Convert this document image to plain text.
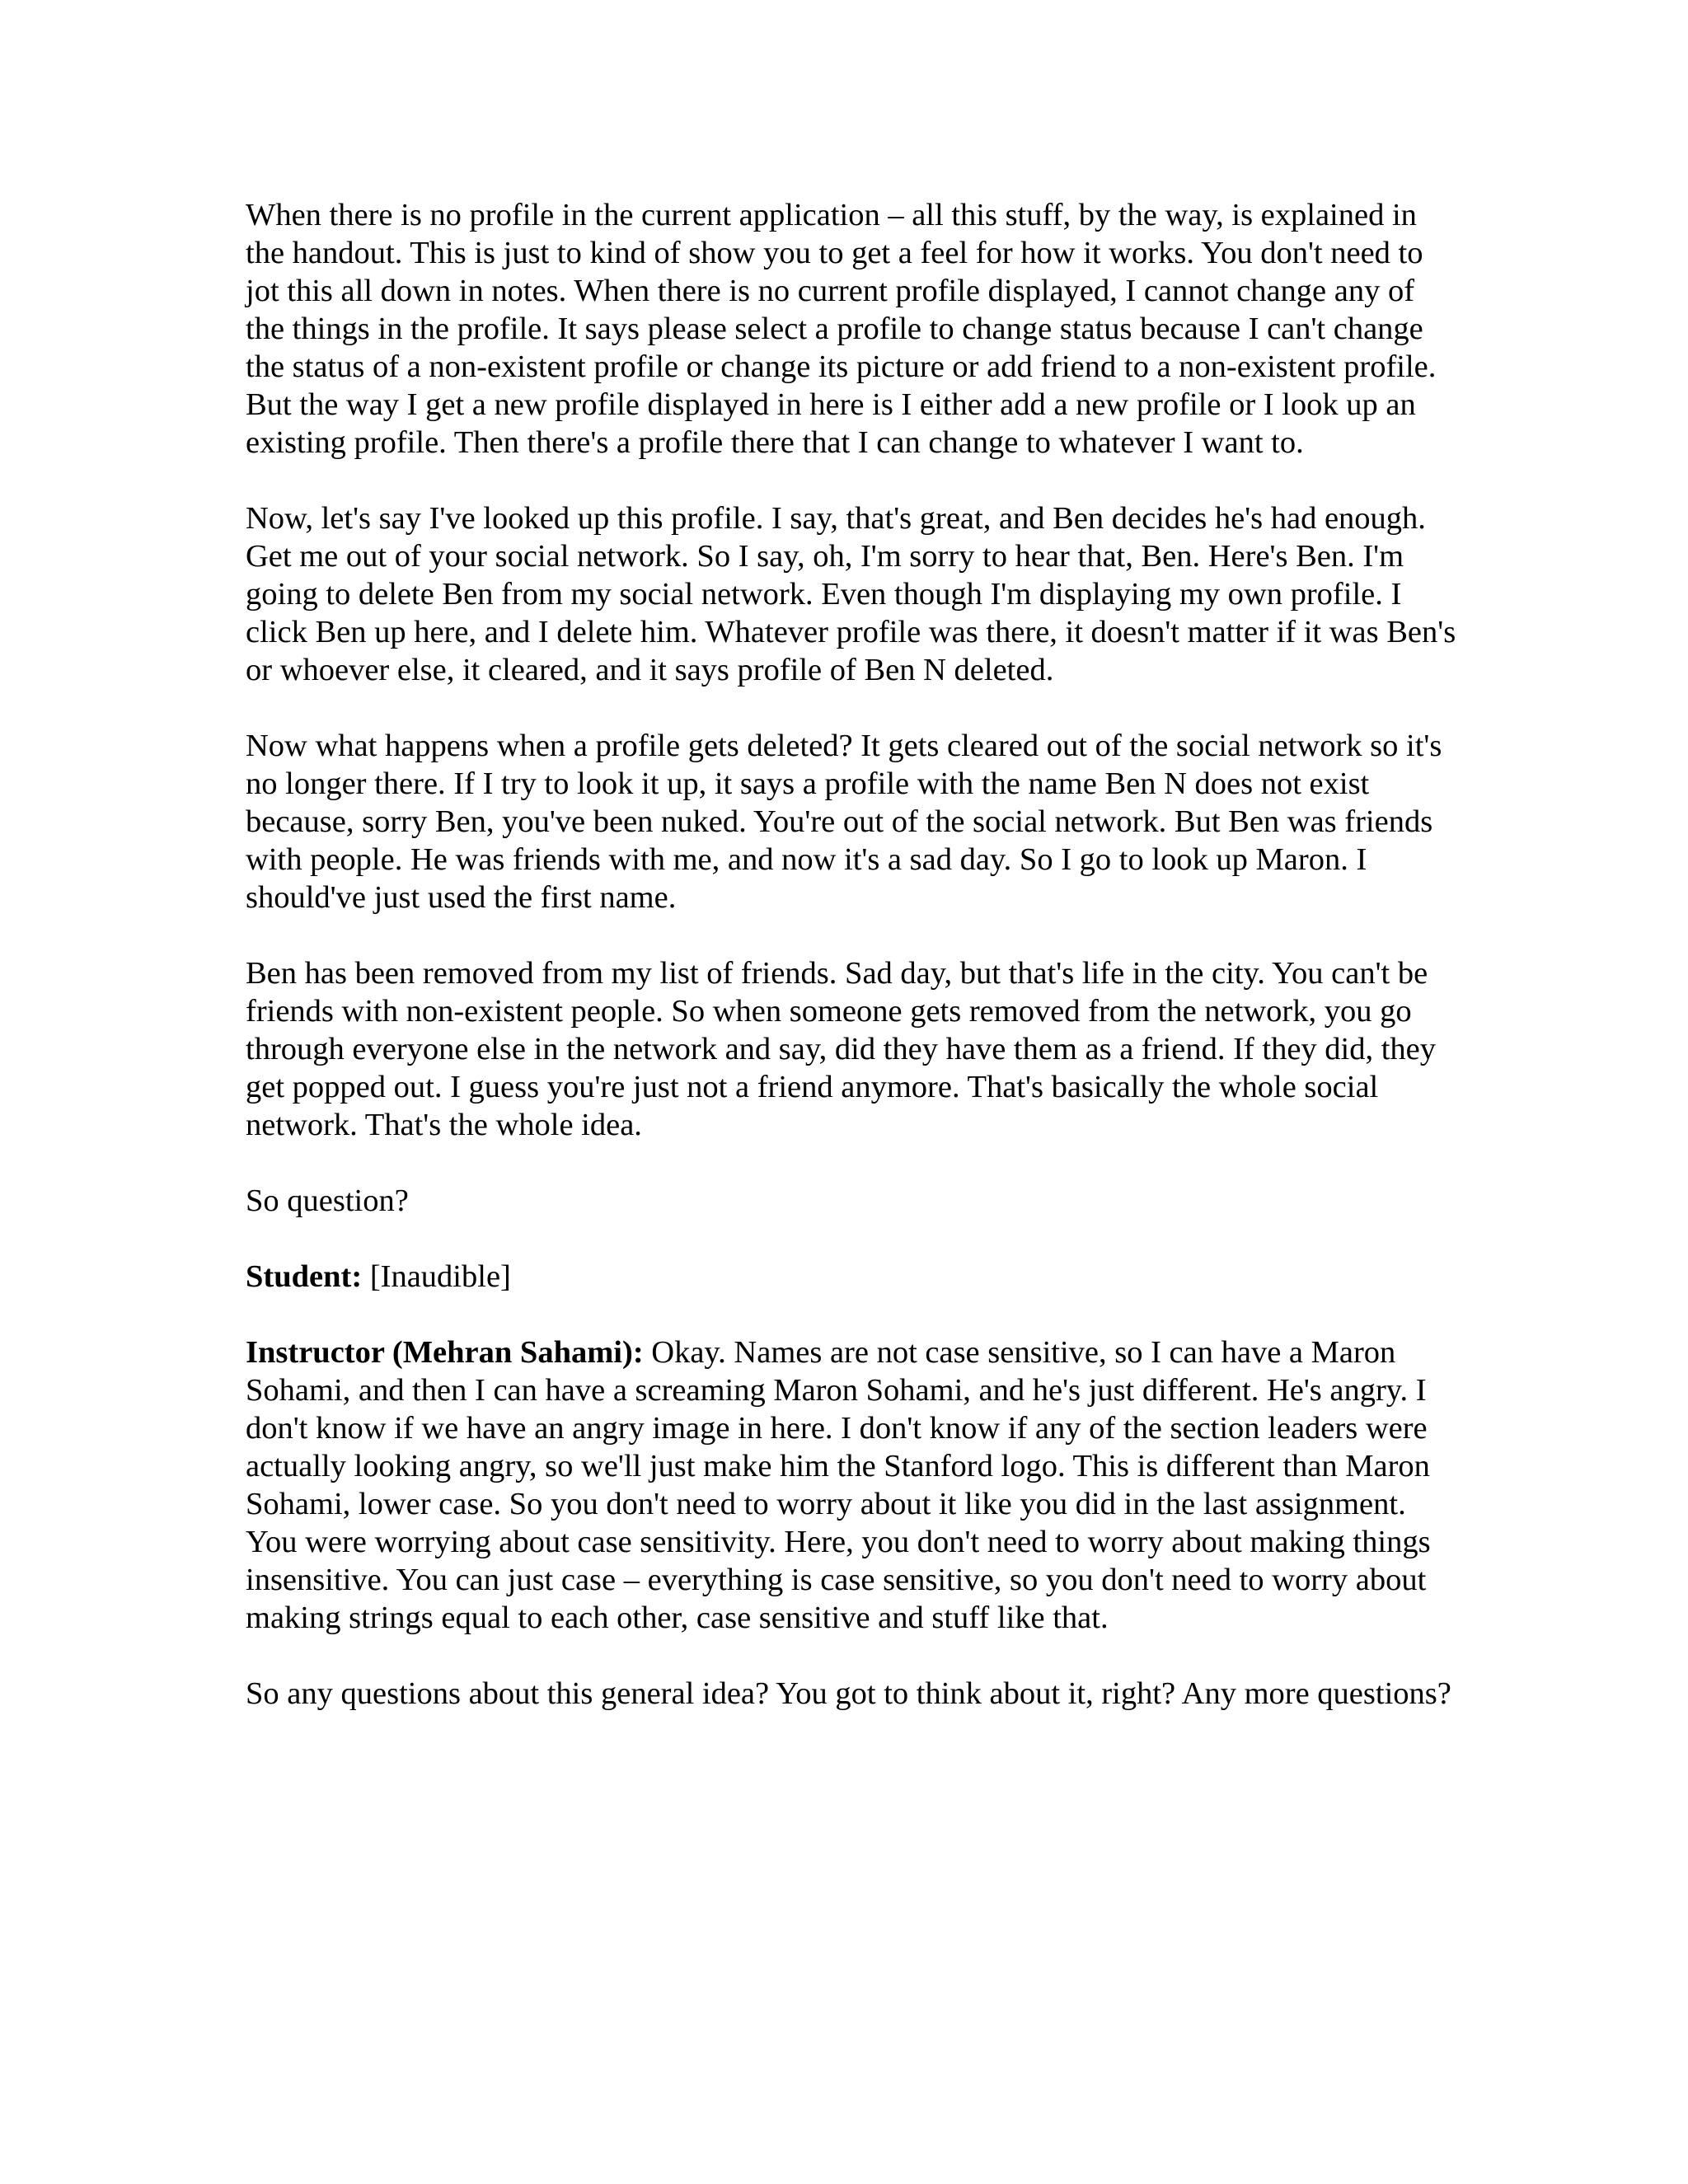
When there is no profile in the current application – all this stuff, by the way, is explained in the handout. This is just to kind of show you to get a feel for how it works. You don't need to jot this all down in notes. When there is no current profile displayed, I cannot change any of the things in the profile. It says please select a profile to change status because I can't change the status of a non-existent profile or change its picture or add friend to a non-existent profile. But the way I get a new profile displayed in here is I either add a new profile or I look up an existing profile. Then there's a profile there that I can change to whatever I want to.

Now, let's say I've looked up this profile. I say, that's great, and Ben decides he's had enough. Get me out of your social network. So I say, oh, I'm sorry to hear that, Ben. Here's Ben. I'm going to delete Ben from my social network. Even though I'm displaying my own profile. I click Ben up here, and I delete him. Whatever profile was there, it doesn't matter if it was Ben's or whoever else, it cleared, and it says profile of Ben N deleted.

Now what happens when a profile gets deleted? It gets cleared out of the social network so it's no longer there. If I try to look it up, it says a profile with the name Ben N does not exist because, sorry Ben, you've been nuked. You're out of the social network. But Ben was friends with people. He was friends with me, and now it's a sad day. So I go to look up Maron. I should've just used the first name.

Ben has been removed from my list of friends. Sad day, but that's life in the city. You can't be friends with non-existent people. So when someone gets removed from the network, you go through everyone else in the network and say, did they have them as a friend. If they did, they get popped out. I guess you're just not a friend anymore. That's basically the whole social network. That's the whole idea.

So question?

Student: [Inaudible]

Instructor (Mehran Sahami): Okay. Names are not case sensitive, so I can have a Maron Sohami, and then I can have a screaming Maron Sohami, and he's just different. He's angry. I don't know if we have an angry image in here. I don't know if any of the section leaders were actually looking angry, so we'll just make him the Stanford logo. This is different than Maron Sohami, lower case. So you don't need to worry about it like you did in the last assignment. You were worrying about case sensitivity. Here, you don't need to worry about making things insensitive. You can just case – everything is case sensitive, so you don't need to worry about making strings equal to each other, case sensitive and stuff like that.

So any questions about this general idea? You got to think about it, right? Any more questions?
